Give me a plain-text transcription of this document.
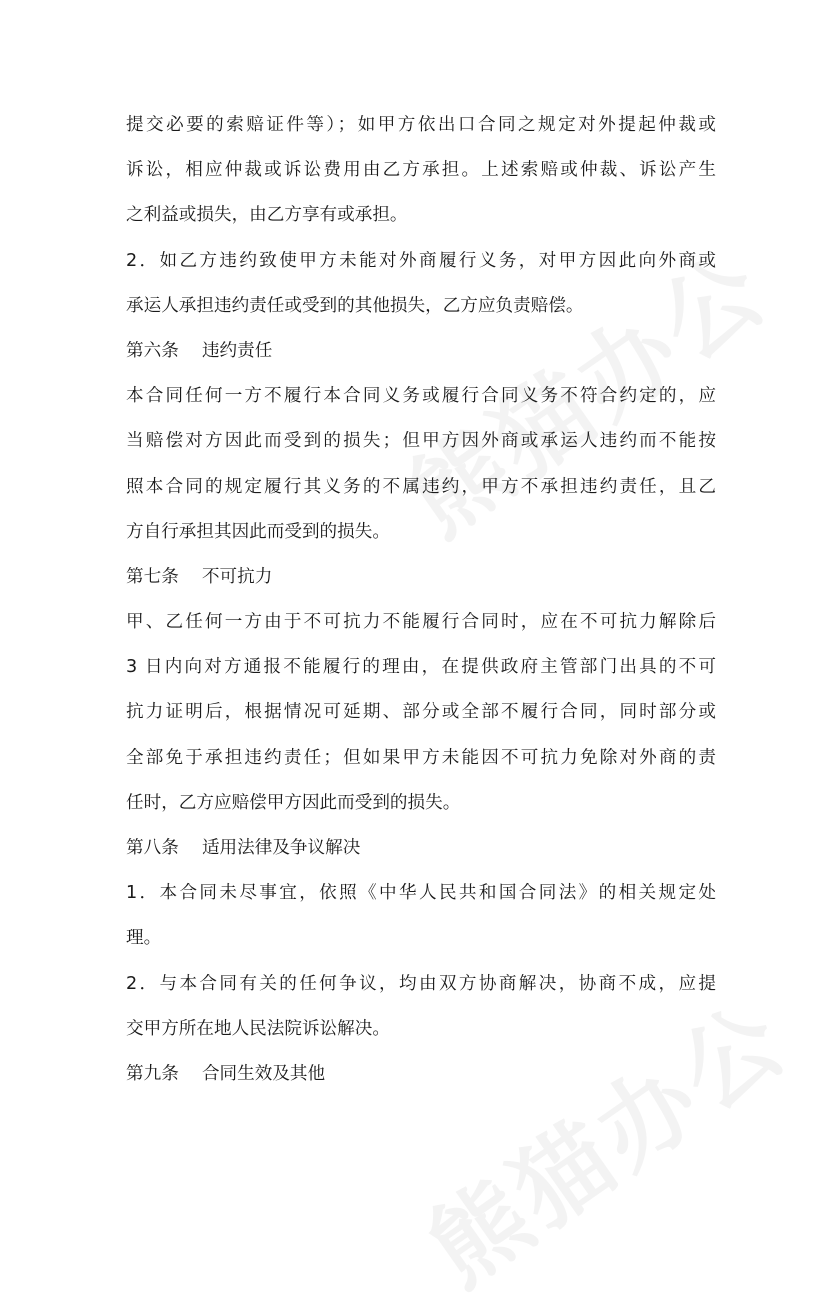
提交必要的索赔证件等）；如甲方依出口合同之规定对外提起仲裁或
诉讼，相应仲裁或诉讼费用由乙方承担。上述索赔或仲裁、诉讼产生
之利益或损失，由乙方享有或承担。
2．如乙方违约致使甲方未能对外商履行义务，对甲方因此向外商或
承运人承担违约责任或受到的其他损失，乙方应负责赔偿。
第六条　 违约责任
本合同任何一方不履行本合同义务或履行合同义务不符合约定的，应
当赔偿对方因此而受到的损失；但甲方因外商或承运人违约而不能按
照本合同的规定履行其义务的不属违约，甲方不承担违约责任，且乙
方自行承担其因此而受到的损失。
第七条　 不可抗力
甲、乙任何一方由于不可抗力不能履行合同时，应在不可抗力解除后
3 日内向对方通报不能履行的理由，在提供政府主管部门出具的不可
抗力证明后，根据情况可延期、部分或全部不履行合同，同时部分或
全部免于承担违约责任；但如果甲方未能因不可抗力免除对外商的责
任时，乙方应赔偿甲方因此而受到的损失。
第八条　 适用法律及争议解决
1．本合同未尽事宜，依照《中华人民共和国合同法》的相关规定处
理。
2．与本合同有关的任何争议，均由双方协商解决，协商不成，应提
交甲方所在地人民法院诉讼解决。
第九条　 合同生效及其他
